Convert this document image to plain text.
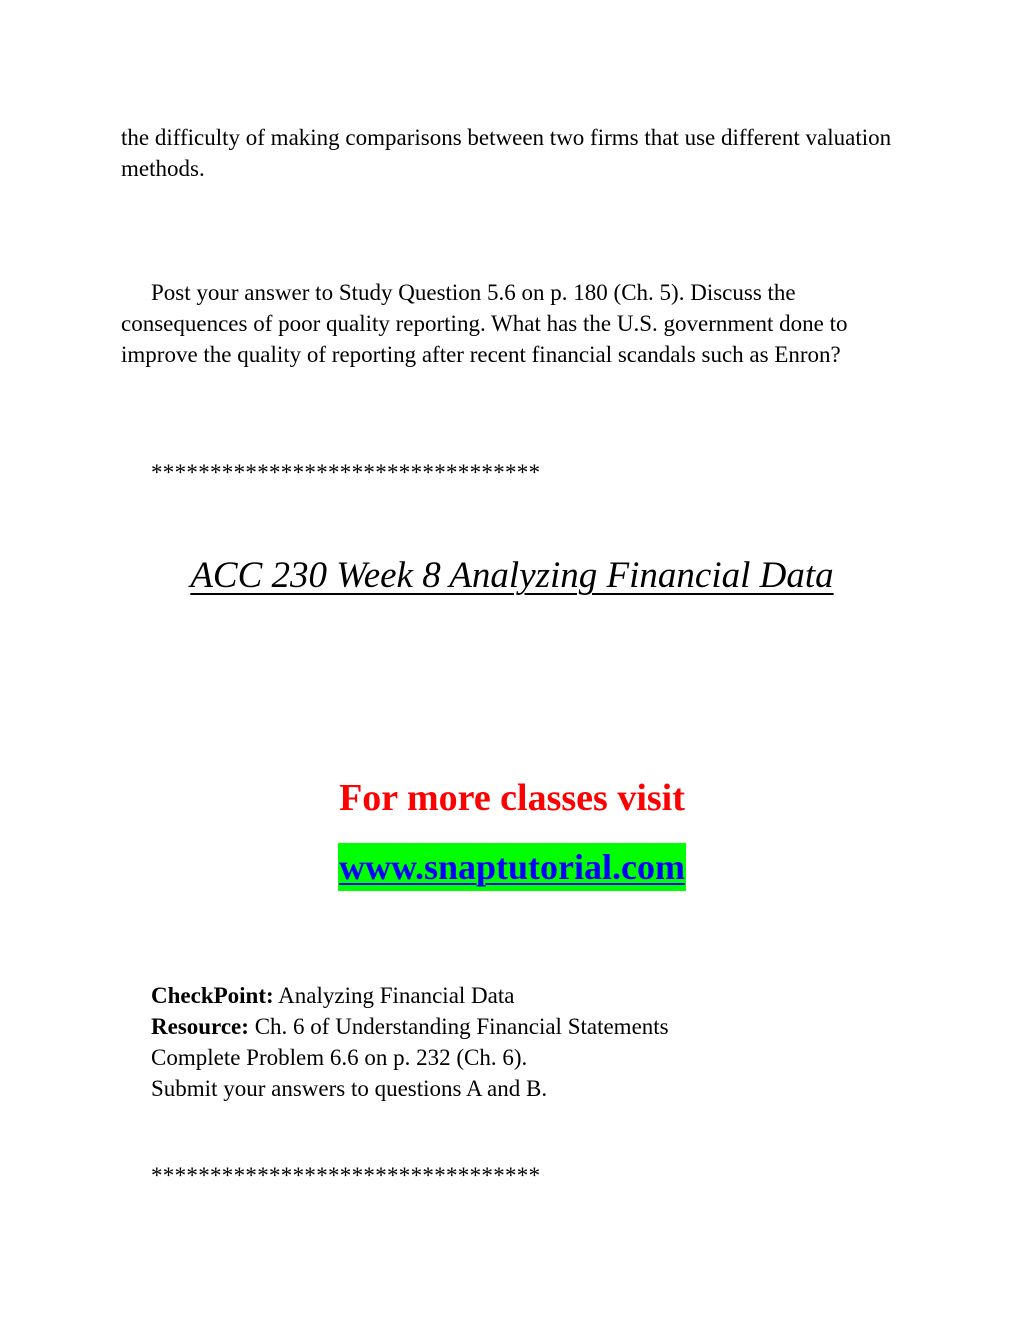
the difficulty of making comparisons between two firms that use different valuation methods.
Post your answer to Study Question 5.6 on p. 180 (Ch. 5). Discuss the consequences of poor quality reporting. What has the U.S. government done to improve the quality of reporting after recent financial scandals such as Enron?
*********************************
ACC 230 Week 8 Analyzing Financial Data
For more classes visit
www.snaptutorial.com
CheckPoint: Analyzing Financial Data
Resource: Ch. 6 of Understanding Financial Statements
Complete Problem 6.6 on p. 232 (Ch. 6).
Submit your answers to questions A and B.
*********************************
